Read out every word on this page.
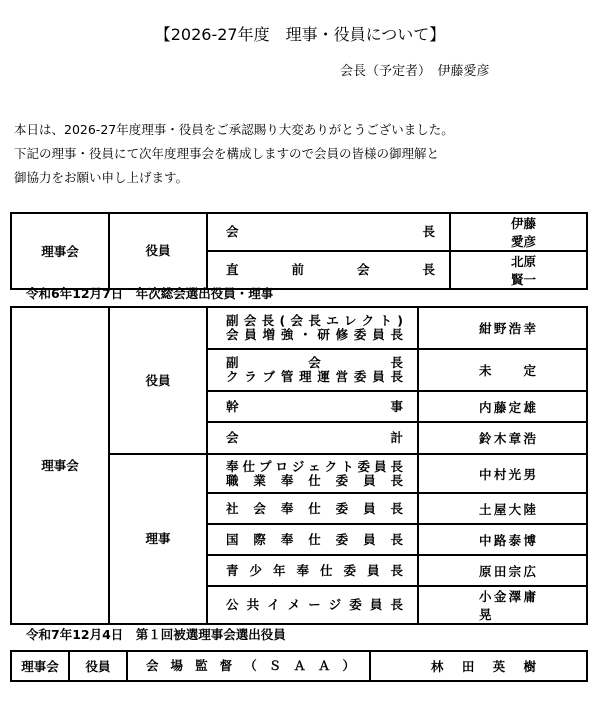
【2026-27年度　理事・役員について】
会長（予定者）　伊藤愛彦
本日は、2026-27年度理事・役員をご承認賜り大変ありがとうございました。
下記の理事・役員にて次年度理事会を構成しますので会員の皆様の御理解と
御協力をお願い申し上げます。
理事会	役員	会長	伊藤愛彦
		直前会長	北原賢一
令和6年12月7日　年次総会選出役員・理事
理事会	役員	副会長(会長エレクト)
会員増強・研修委員長	紺野浩幸

		副会長
クラブ管理運営委員長	未定

		幹事	内藤定雄

		会計	鈴木章浩
	理事	奉仕プロジェクト委員長
職業奉仕委員長	中村光男

		社会奉仕委員長	土屋大陸

		国際奉仕委員長	中路泰博

		青少年奉仕委員長	原田宗広

		公共イメージ委員長	小金澤庸晃
令和7年12月4日　第１回被選理事会選出役員
理事会	役員	会場監督（ＳＡＡ）	林田英樹
